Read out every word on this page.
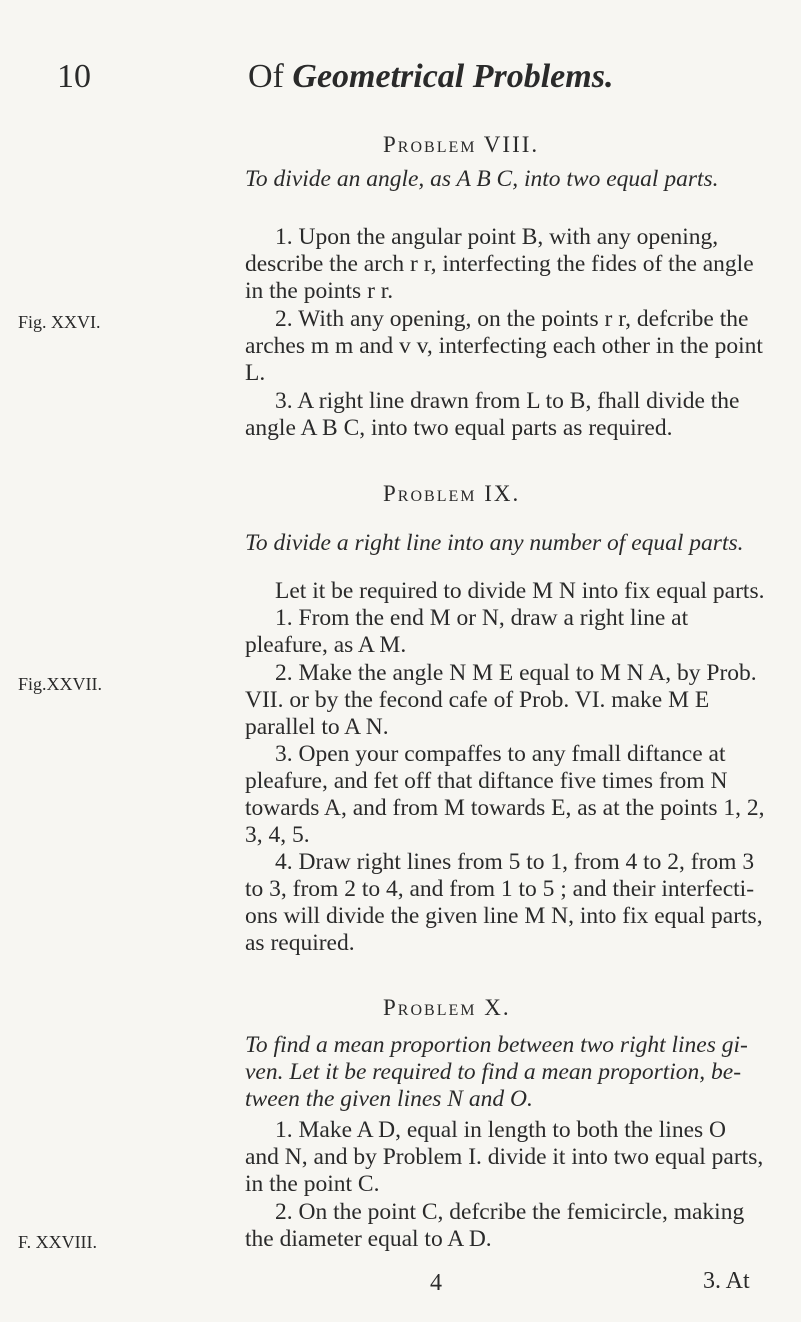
10	Of Geometrical Problems.
Problem VIII.
To divide an angle, as A B C, into two equal parts.
1. Upon the angular point B, with any opening, describe the arch r r, interfecting the fides of the angle in the points r r.
Fig. XXVI.	2. With any opening, on the points r r, defcribe the arches m m and v v, interfecting each other in the point L.
3. A right line drawn from L to B, fhall divide the angle A B C, into two equal parts as required.
Problem IX.
To divide a right line into any number of equal parts.
Let it be required to divide M N into fix equal parts.
1. From the end M or N, draw a right line at pleafure, as A M.
Fig.XXVII.	2. Make the angle N M E equal to M N A, by Prob. VII. or by the fecond cafe of Prob. VI. make M E parallel to A N.
3. Open your compaffes to any fmall diftance at pleafure, and fet off that diftance five times from N towards A, and from M towards E, as at the points 1, 2, 3, 4, 5.
4. Draw right lines from 5 to 1, from 4 to 2, from 3 to 3, from 2 to 4, and from 1 to 5 ; and their interfecti-ons will divide the given line M N, into fix equal parts, as required.
Problem X.
To find a mean proportion between two right lines gi-ven. Let it be required to find a mean proportion, be-tween the given lines N and O.
1. Make A D, equal in length to both the lines O and N, and by Problem I. divide it into two equal parts, in the point C.
2. On the point C, defcribe the femicircle, making the diameter equal to A D.
F. XXVIII.
4	3. At
